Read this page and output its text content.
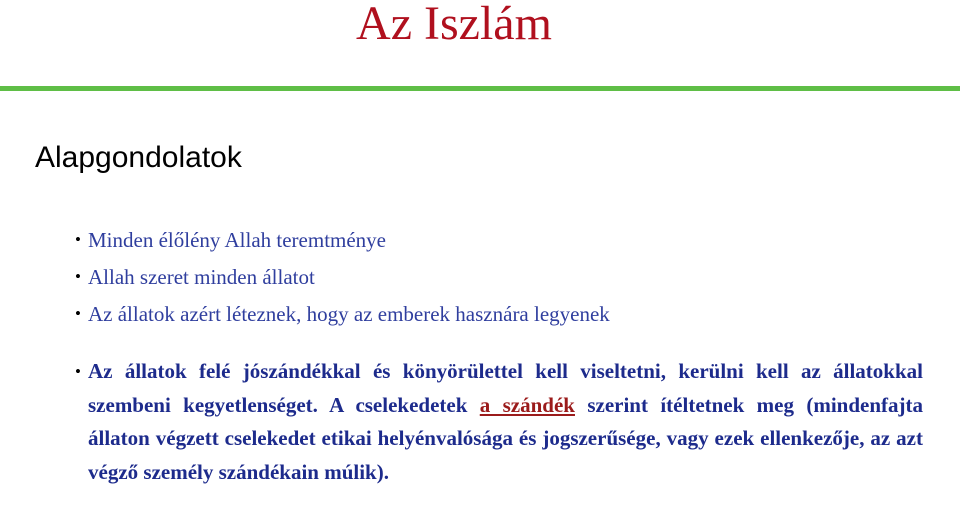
Az Iszlám
Alapgondolatok
• Minden élőlény Allah teremtménye
• Allah szeret minden állatot
• Az állatok azért léteznek, hogy az emberek hasznára legyenek

• Az állatok felé jószándékkal és könyörülettel kell viseltetni, kerülni kell az állatokkal szembeni kegyetlenséget. A cselekedetek a szándék szerint ítéltetnek meg (mindenfajta állaton végzett cselekedet etikai helyénvalósága és jogszerűsége, vagy ezek ellenkezője, az azt végző személy szándékain múlik).
